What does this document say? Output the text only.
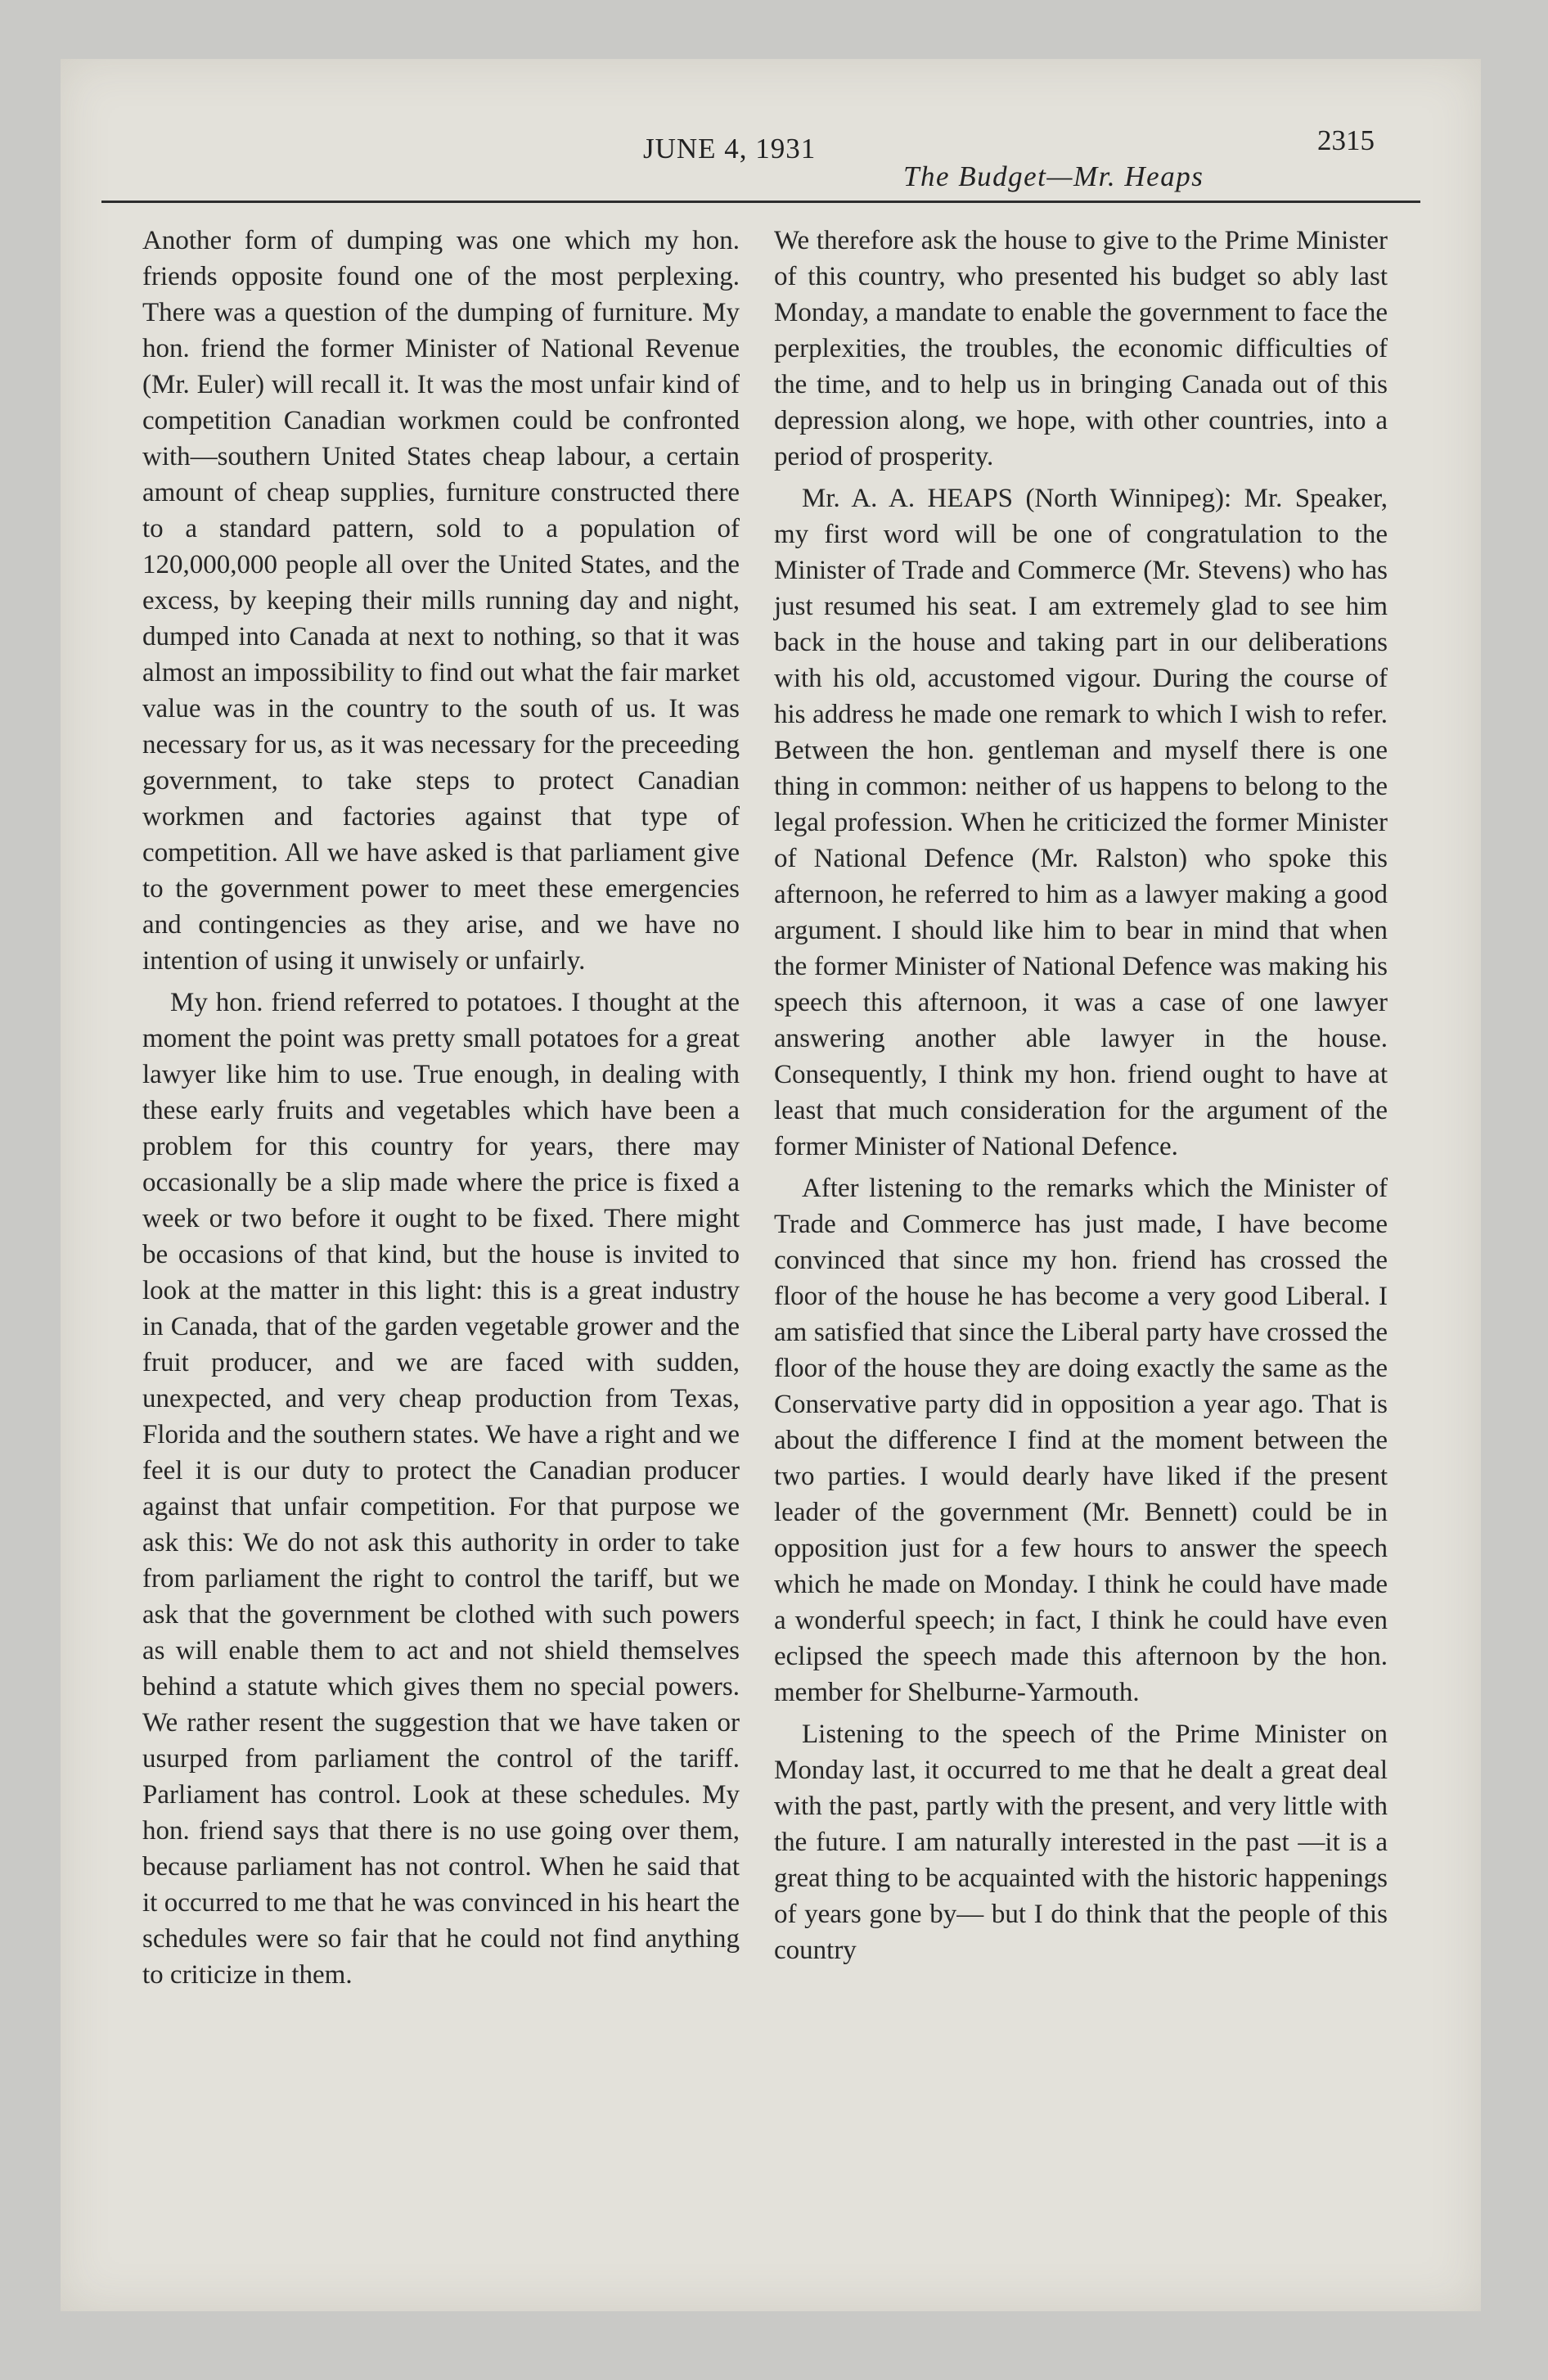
JUNE 4, 1931
The Budget—Mr. Heaps
2315

Another form of dumping was one which my hon. friends opposite found one of the most perplexing. There was a question of the dumping of furniture. My hon. friend the former Minister of National Revenue (Mr. Euler) will recall it. It was the most unfair kind of competition Canadian workmen could be confronted with—southern United States cheap labour, a certain amount of cheap supplies, furniture constructed there to a standard pattern, sold to a population of 120,000,000 people all over the United States, and the excess, by keeping their mills running day and night, dumped into Canada at next to nothing, so that it was almost an impossibility to find out what the fair market value was in the country to the south of us. It was necessary for us, as it was necessary for the preceeding government, to take steps to protect Canadian workmen and factories against that type of competition. All we have asked is that parliament give to the government power to meet these emergencies and contingencies as they arise, and we have no intention of using it unwisely or unfairly.

My hon. friend referred to potatoes. I thought at the moment the point was pretty small potatoes for a great lawyer like him to use. True enough, in dealing with these early fruits and vegetables which have been a problem for this country for years, there may occasionally be a slip made where the price is fixed a week or two before it ought to be fixed. There might be occasions of that kind, but the house is invited to look at the matter in this light: this is a great industry in Canada, that of the garden vegetable grower and the fruit producer, and we are faced with sudden, unexpected, and very cheap production from Texas, Florida and the southern states. We have a right and we feel it is our duty to protect the Canadian producer against that unfair competition. For that purpose we ask this: We do not ask this authority in order to take from parliament the right to control the tariff, but we ask that the government be clothed with such powers as will enable them to act and not shield themselves behind a statute which gives them no special powers. We rather resent the suggestion that we have taken or usurped from parliament the control of the tariff. Parliament has control. Look at these schedules. My hon. friend says that there is no use going over them, because parliament has not control. When he said that it occurred to me that he was convinced in his heart the schedules were so fair that he could not find anything to criticize in them.

We therefore ask the house to give to the Prime Minister of this country, who presented his budget so ably last Monday, a mandate to enable the government to face the perplexities, the troubles, the economic difficulties of the time, and to help us in bringing Canada out of this depression along, we hope, with other countries, into a period of prosperity.

Mr. A. A. HEAPS (North Winnipeg): Mr. Speaker, my first word will be one of congratulation to the Minister of Trade and Commerce (Mr. Stevens) who has just resumed his seat. I am extremely glad to see him back in the house and taking part in our deliberations with his old, accustomed vigour. During the course of his address he made one remark to which I wish to refer. Between the hon. gentleman and myself there is one thing in common: neither of us happens to belong to the legal profession. When he criticized the former Minister of National Defence (Mr. Ralston) who spoke this afternoon, he referred to him as a lawyer making a good argument. I should like him to bear in mind that when the former Minister of National Defence was making his speech this afternoon, it was a case of one lawyer answering another able lawyer in the house. Consequently, I think my hon. friend ought to have at least that much consideration for the argument of the former Minister of National Defence.

After listening to the remarks which the Minister of Trade and Commerce has just made, I have become convinced that since my hon. friend has crossed the floor of the house he has become a very good Liberal. I am satisfied that since the Liberal party have crossed the floor of the house they are doing exactly the same as the Conservative party did in opposition a year ago. That is about the difference I find at the moment between the two parties. I would dearly have liked if the present leader of the government (Mr. Bennett) could be in opposition just for a few hours to answer the speech which he made on Monday. I think he could have made a wonderful speech; in fact, I think he could have even eclipsed the speech made this afternoon by the hon. member for Shelburne-Yarmouth.

Listening to the speech of the Prime Minister on Monday last, it occurred to me that he dealt a great deal with the past, partly with the present, and very little with the future. I am naturally interested in the past —it is a great thing to be acquainted with the historic happenings of years gone by— but I do think that the people of this country
